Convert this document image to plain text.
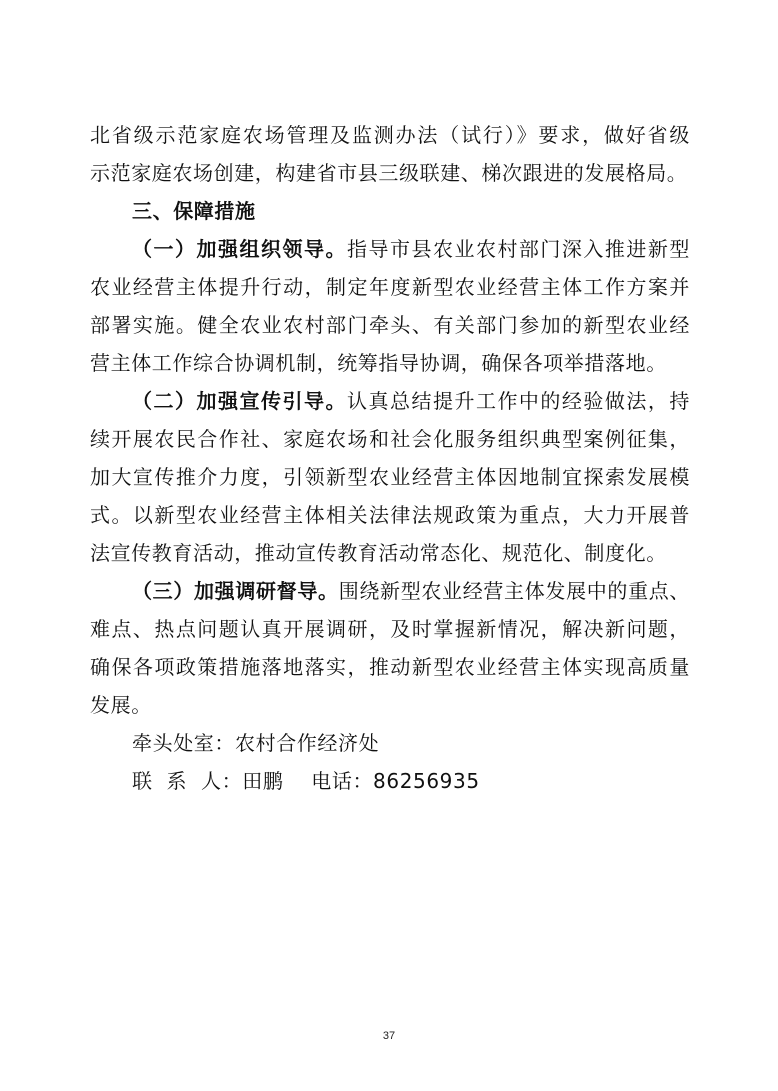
北省级示范家庭农场管理及监测办法（试行）》要求，做好省级
示范家庭农场创建，构建省市县三级联建、梯次跟进的发展格局。
三、保障措施
（一）加强组织领导。指导市县农业农村部门深入推进新型
农业经营主体提升行动，制定年度新型农业经营主体工作方案并
部署实施。健全农业农村部门牵头、有关部门参加的新型农业经
营主体工作综合协调机制，统筹指导协调，确保各项举措落地。
（二）加强宣传引导。认真总结提升工作中的经验做法，持
续开展农民合作社、家庭农场和社会化服务组织典型案例征集，
加大宣传推介力度，引领新型农业经营主体因地制宜探索发展模
式。以新型农业经营主体相关法律法规政策为重点，大力开展普
法宣传教育活动，推动宣传教育活动常态化、规范化、制度化。
（三）加强调研督导。围绕新型农业经营主体发展中的重点、
难点、热点问题认真开展调研，及时掌握新情况，解决新问题，
确保各项政策措施落地落实，推动新型农业经营主体实现高质量
发展。
牵头处室：农村合作经济处
联  系  人：田鹏    电话：86256935
37
